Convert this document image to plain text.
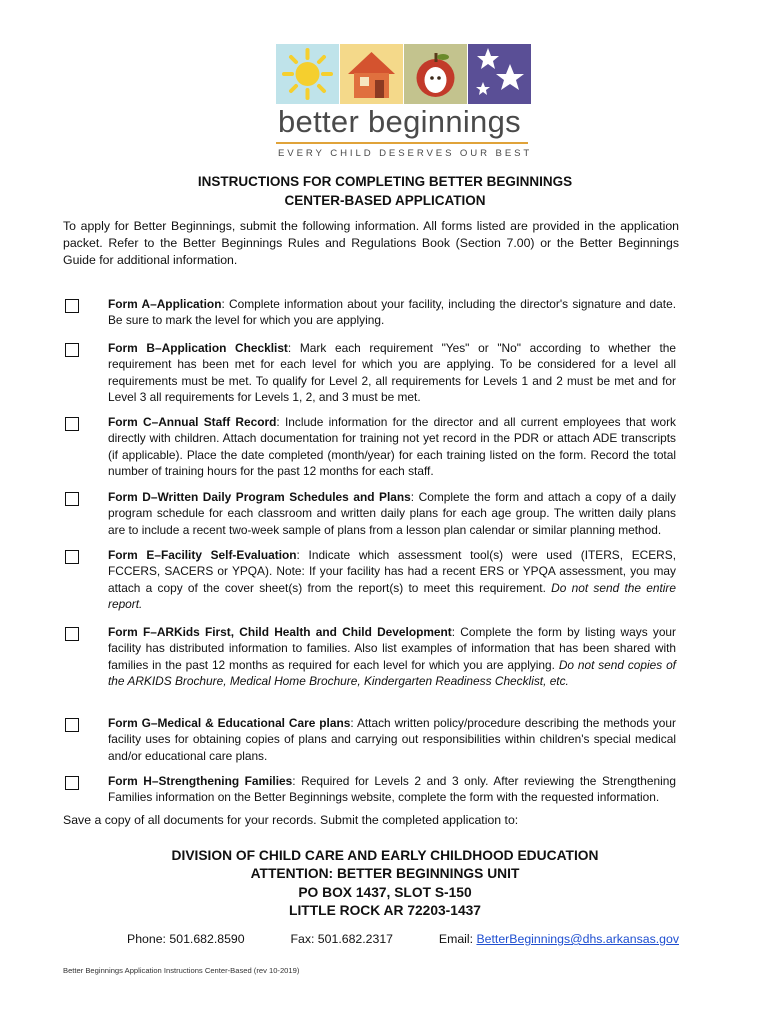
better beginnings
EVERY CHILD DESERVES OUR BEST
INSTRUCTIONS FOR COMPLETING BETTER BEGINNINGS
CENTER-BASED APPLICATION
To apply for Better Beginnings, submit the following information. All forms listed are provided in the application packet. Refer to the Better Beginnings Rules and Regulations Book (Section 7.00) or the Better Beginnings Guide for additional information.
Form A–Application: Complete information about your facility, including the director's signature and date. Be sure to mark the level for which you are applying.
Form B–Application Checklist: Mark each requirement "Yes" or "No" according to whether the requirement has been met for each level for which you are applying. To be considered for a level all requirements must be met. To qualify for Level 2, all requirements for Levels 1 and 2 must be met and for Level 3 all requirements for Levels 1, 2, and 3 must be met.
Form C–Annual Staff Record: Include information for the director and all current employees that work directly with children. Attach documentation for training not yet record in the PDR or attach ADE transcripts (if applicable). Place the date completed (month/year) for each training listed on the form. Record the total number of training hours for the past 12 months for each staff.
Form D–Written Daily Program Schedules and Plans: Complete the form and attach a copy of a daily program schedule for each classroom and written daily plans for each age group. The written daily plans are to include a recent two-week sample of plans from a lesson plan calendar or similar planning method.
Form E–Facility Self-Evaluation: Indicate which assessment tool(s) were used (ITERS, ECERS, FCCERS, SACERS or YPQA). Note: If your facility has had a recent ERS or YPQA assessment, you may attach a copy of the cover sheet(s) from the report(s) to meet this requirement. Do not send the entire report.
Form F–ARKids First, Child Health and Child Development: Complete the form by listing ways your facility has distributed information to families. Also list examples of information that has been shared with families in the past 12 months as required for each level for which you are applying. Do not send copies of the ARKIDS Brochure, Medical Home Brochure, Kindergarten Readiness Checklist, etc.
Form G–Medical & Educational Care plans: Attach written policy/procedure describing the methods your facility uses for obtaining copies of plans and carrying out responsibilities within children's special medical and/or educational care plans.
Form H–Strengthening Families: Required for Levels 2 and 3 only. After reviewing the Strengthening Families information on the Better Beginnings website, complete the form with the requested information.
Save a copy of all documents for your records. Submit the completed application to:
DIVISION OF CHILD CARE AND EARLY CHILDHOOD EDUCATION
ATTENTION: BETTER BEGINNINGS UNIT
PO BOX 1437, SLOT S-150
LITTLE ROCK AR 72203-1437
Phone: 501.682.8590	Fax: 501.682.2317	Email: BetterBeginnings@dhs.arkansas.gov
Better Beginnings Application Instructions Center-Based (rev 10-2019)
